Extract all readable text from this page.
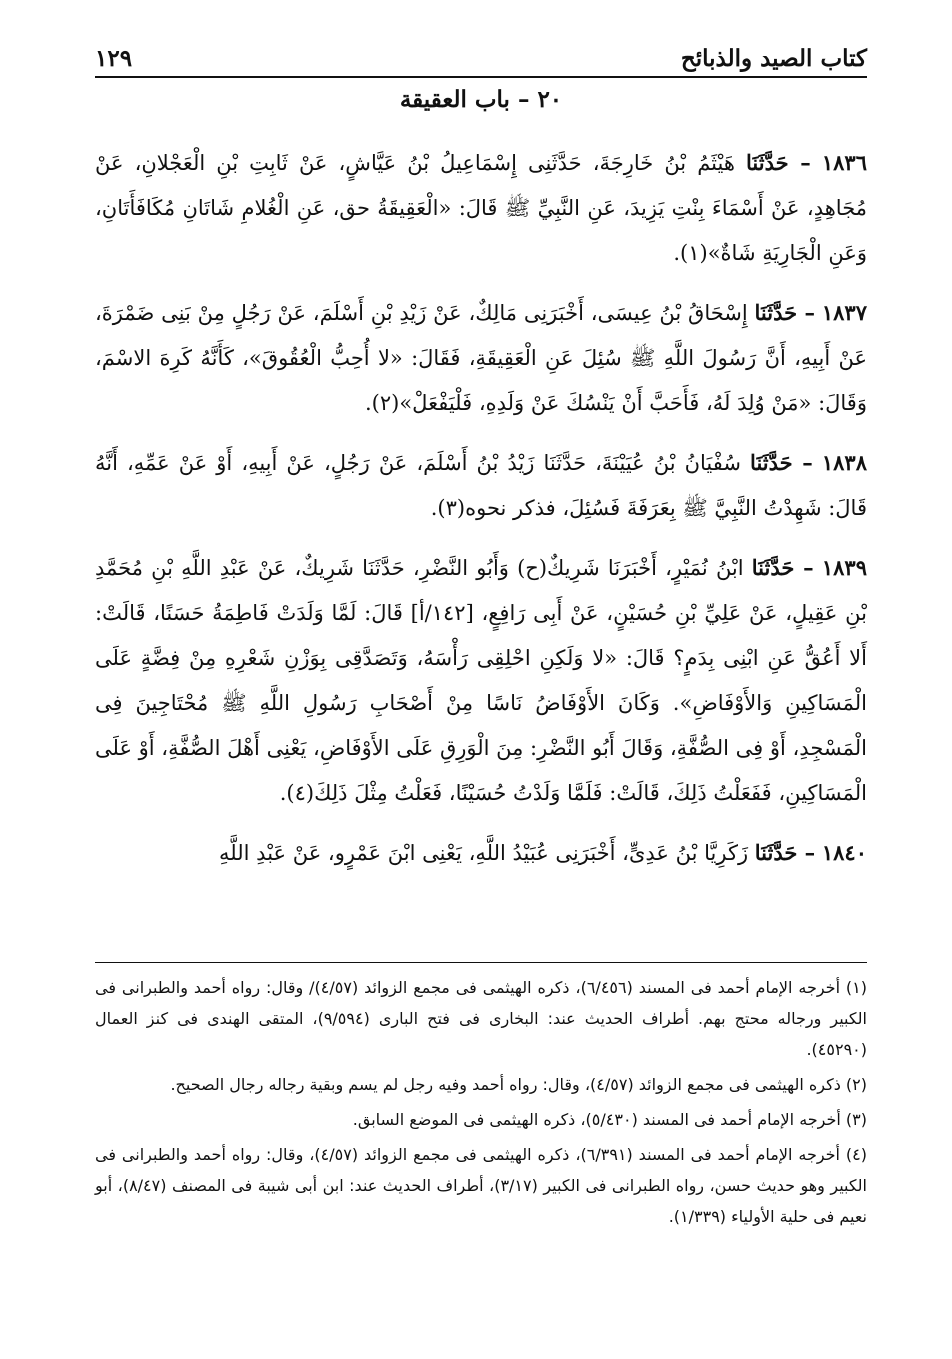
كتاب الصيد والذبائح
١٢٩
٢٠ – باب العقيقة

١٨٣٦ – حَدَّثَنَا هَيْثَمُ بْنُ خَارِجَةَ، حَدَّثَنِى إِسْمَاعِيلُ بْنُ عَيَّاشٍ، عَنْ ثَابِتِ بْنِ الْعَجْلانِ، عَنْ مُجَاهِدٍ، عَنْ أَسْمَاءَ بِنْتِ يَزِيدَ، عَنِ النَّبِيِّ ﷺ قَالَ: «الْعَقِيقَةُ حق، عَنِ الْغُلامِ شَاتَانِ مُكَافَأَتَانِ، وَعَنِ الْجَارِيَةِ شَاةٌ»(١).

١٨٣٧ – حَدَّثَنَا إِسْحَاقُ بْنُ عِيسَى، أَخْبَرَنِى مَالِكٌ، عَنْ زَيْدِ بْنِ أَسْلَمَ، عَنْ رَجُلٍ مِنْ بَنِى ضَمْرَةَ، عَنْ أَبِيهِ، أَنَّ رَسُولَ اللَّهِ ﷺ سُئِلَ عَنِ الْعَقِيقَةِ، فَقَالَ: «لا أُحِبُّ الْعُقُوقَ»، كَأَنَّهُ كَرِهَ الاسْمَ، وَقَالَ: «مَنْ وُلِدَ لَهُ، فَأَحَبَّ أَنْ يَنْسُكَ عَنْ وَلَدِهِ، فَلْيَفْعَلْ»(٢).

١٨٣٨ – حَدَّثَنَا سُفْيَانُ بْنُ عُيَيْنَةَ، حَدَّثَنَا زَيْدُ بْنُ أَسْلَمَ، عَنْ رَجُلٍ، عَنْ أَبِيهِ، أَوْ عَنْ عَمِّهِ، أَنَّهُ قَالَ: شَهِدْتُ النَّبِيَّ ﷺ بِعَرَفَةَ فَسُئِلَ، فذكر نحوه(٣).

١٨٣٩ – حَدَّثَنَا ابْنُ نُمَيْرٍ، أَخْبَرَنَا شَرِيكٌ(ح) وَأَبُو النَّضْرِ، حَدَّثَنَا شَرِيكٌ، عَنْ عَبْدِ اللَّهِ بْنِ مُحَمَّدِ بْنِ عَقِيلٍ، عَنْ عَلِيِّ بْنِ حُسَيْنٍ، عَنْ أَبِى رَافِعٍ، [١٤٢/أ] قَالَ: لَمَّا وَلَدَتْ فَاطِمَةُ حَسَنًا، قَالَتْ: أَلا أَعُقُّ عَنِ ابْنِى بِدَمٍ؟ قَالَ: «لا وَلَكِنِ احْلِقِى رَأْسَهُ، وَتَصَدَّقِى بِوَزْنِ شَعْرِهِ مِنْ فِضَّةٍ عَلَى الْمَسَاكِينِ وَالأَوْفَاضِ». وَكَانَ الأَوْفَاضُ نَاسًا مِنْ أَصْحَابِ رَسُولِ اللَّهِ ﷺ مُحْتَاجِينَ فِى الْمَسْجِدِ، أَوْ فِى الصُّفَّةِ، وَقَالَ أَبُو النَّضْرِ: مِنَ الْوَرِقِ عَلَى الأَوْفَاضِ، يَعْنِى أَهْلَ الصُّفَّةِ، أَوْ عَلَى الْمَسَاكِينِ، فَفَعَلْتُ ذَلِكَ، قَالَتْ: فَلَمَّا وَلَدْتُ حُسَيْنًا، فَعَلْتُ مِثْلَ ذَلِكَ(٤).

١٨٤٠ – حَدَّثَنَا زَكَرِيَّا بْنُ عَدِىٍّ، أَخْبَرَنِى عُبَيْدُ اللَّهِ، يَعْنِى ابْنَ عَمْرٍو، عَنْ عَبْدِ اللَّهِ

(١) أخرجه الإمام أحمد فى المسند (٦/٤٥٦)، ذكره الهيثمى فى مجمع الزوائد (٤/٥٧)/ وقال: رواه أحمد والطبرانى فى الكبير ورجاله محتج بهم. أطراف الحديث عند: البخارى فى فتح البارى (٩/٥٩٤)، المتقى الهندى فى كنز العمال (٤٥٢٩٠).

(٢) ذكره الهيثمى فى مجمع الزوائد (٤/٥٧)، وقال: رواه أحمد وفيه رجل لم يسم وبقية رجاله رجال الصحيح.

(٣) أخرجه الإمام أحمد فى المسند (٥/٤٣٠)، ذكره الهيثمى فى الموضع السابق.

(٤) أخرجه الإمام أحمد فى المسند (٦/٣٩١)، ذكره الهيثمى فى مجمع الزوائد (٤/٥٧)، وقال: رواه أحمد والطبرانى فى الكبير وهو حديث حسن، رواه الطبرانى فى الكبير (٣/١٧)، أطراف الحديث عند: ابن أبى شيبة فى المصنف (٨/٤٧)، أبو نعيم فى حلية الأولياء (١/٣٣٩).
